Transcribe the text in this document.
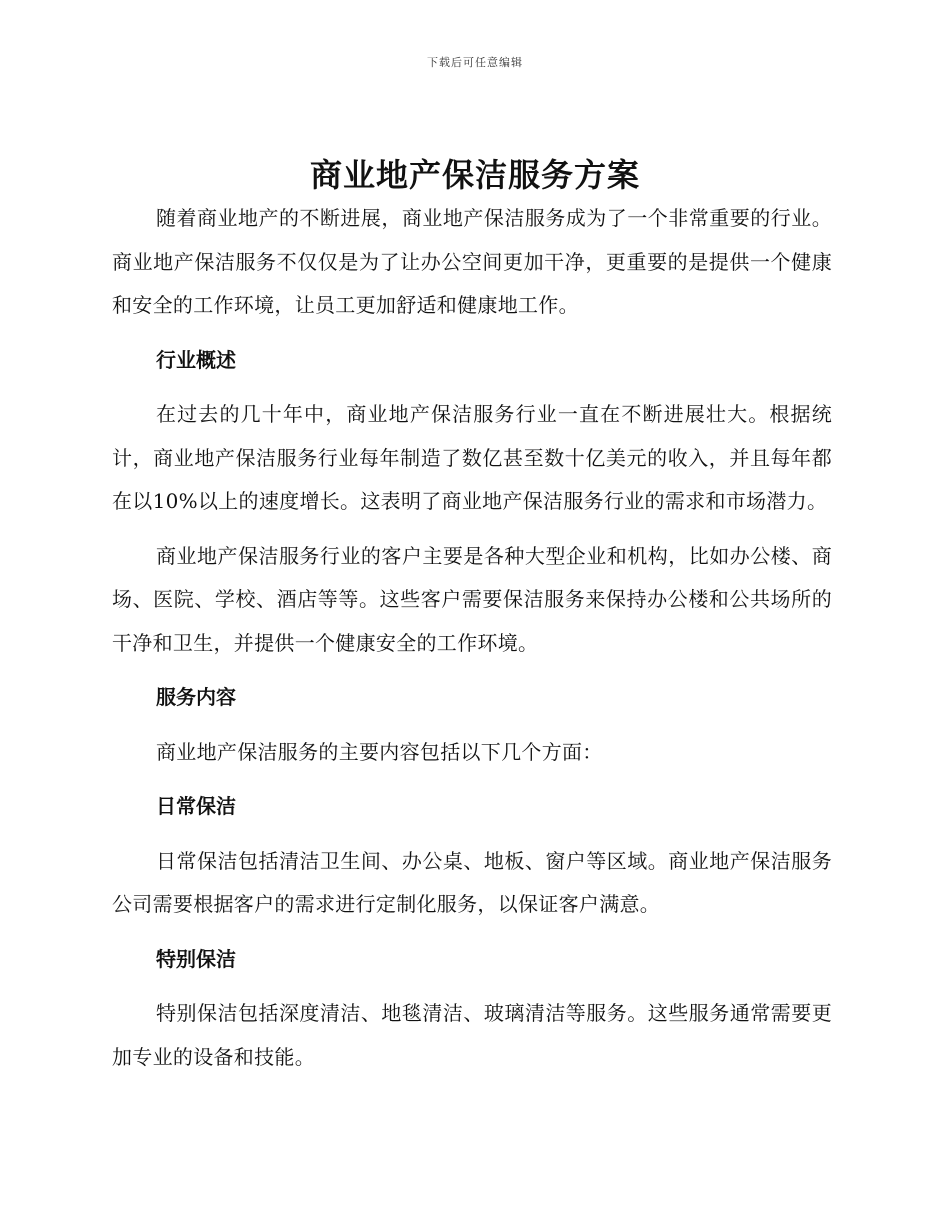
下载后可任意编辑
商业地产保洁服务方案

随着商业地产的不断进展，商业地产保洁服务成为了一个非常重要的行业。商业地产保洁服务不仅仅是为了让办公空间更加干净，更重要的是提供一个健康和安全的工作环境，让员工更加舒适和健康地工作。

行业概述

在过去的几十年中，商业地产保洁服务行业一直在不断进展壮大。根据统计，商业地产保洁服务行业每年制造了数亿甚至数十亿美元的收入，并且每年都在以10%以上的速度增长。这表明了商业地产保洁服务行业的需求和市场潜力。

商业地产保洁服务行业的客户主要是各种大型企业和机构，比如办公楼、商场、医院、学校、酒店等等。这些客户需要保洁服务来保持办公楼和公共场所的干净和卫生，并提供一个健康安全的工作环境。

服务内容

商业地产保洁服务的主要内容包括以下几个方面：

日常保洁

日常保洁包括清洁卫生间、办公桌、地板、窗户等区域。商业地产保洁服务公司需要根据客户的需求进行定制化服务，以保证客户满意。

特别保洁

特别保洁包括深度清洁、地毯清洁、玻璃清洁等服务。这些服务通常需要更加专业的设备和技能。
